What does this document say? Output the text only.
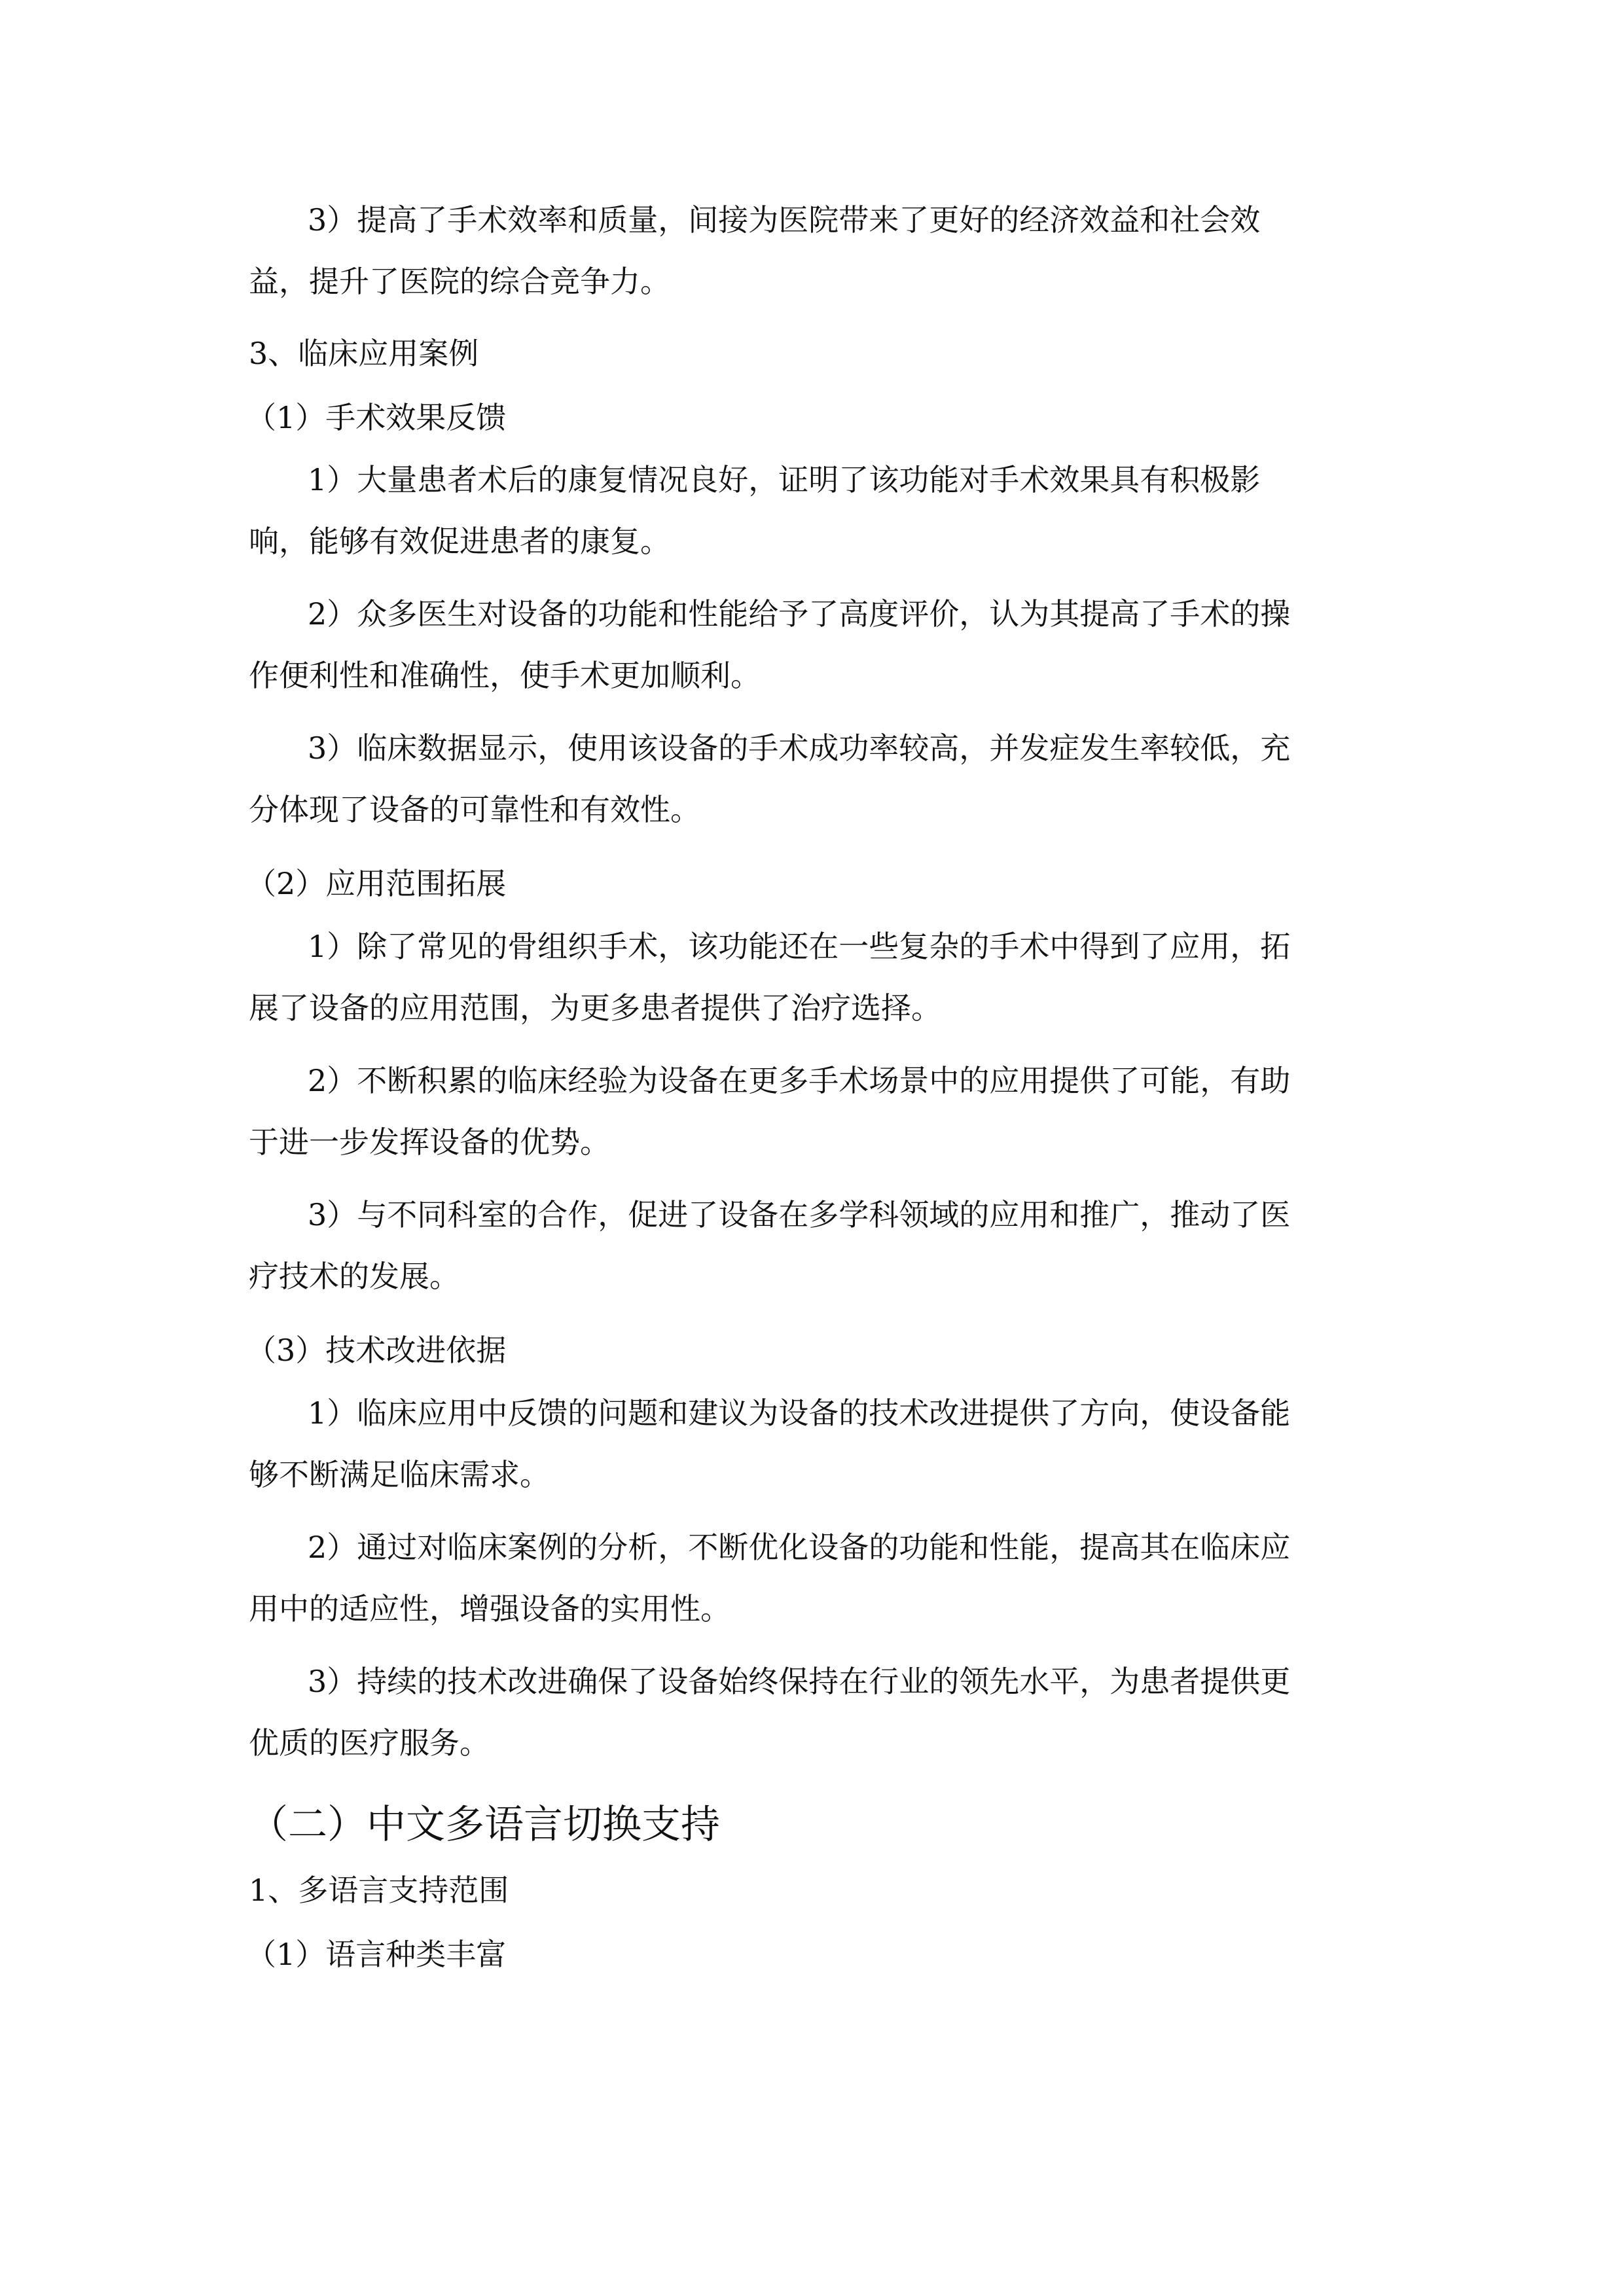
3）提高了手术效率和质量，间接为医院带来了更好的经济效益和社会效
益，提升了医院的综合竞争力。
3、临床应用案例
（1）手术效果反馈
1）大量患者术后的康复情况良好，证明了该功能对手术效果具有积极影
响，能够有效促进患者的康复。
2）众多医生对设备的功能和性能给予了高度评价，认为其提高了手术的操
作便利性和准确性，使手术更加顺利。
3）临床数据显示，使用该设备的手术成功率较高，并发症发生率较低，充
分体现了设备的可靠性和有效性。
（2）应用范围拓展
1）除了常见的骨组织手术，该功能还在一些复杂的手术中得到了应用，拓
展了设备的应用范围，为更多患者提供了治疗选择。
2）不断积累的临床经验为设备在更多手术场景中的应用提供了可能，有助
于进一步发挥设备的优势。
3）与不同科室的合作，促进了设备在多学科领域的应用和推广，推动了医
疗技术的发展。
（3）技术改进依据
1）临床应用中反馈的问题和建议为设备的技术改进提供了方向，使设备能
够不断满足临床需求。
2）通过对临床案例的分析，不断优化设备的功能和性能，提高其在临床应
用中的适应性，增强设备的实用性。
3）持续的技术改进确保了设备始终保持在行业的领先水平，为患者提供更
优质的医疗服务。
（二）中文多语言切换支持
1、多语言支持范围
（1）语言种类丰富
